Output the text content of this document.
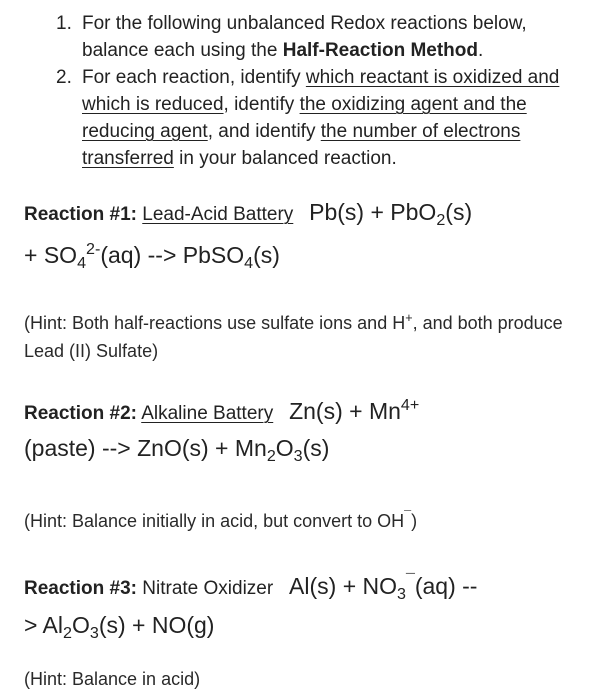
1. For the following unbalanced Redox reactions below, balance each using the Half-Reaction Method.
2. For each reaction, identify which reactant is oxidized and which is reduced, identify the oxidizing agent and the reducing agent, and identify the number of electrons transferred in your balanced reaction.
Reaction #1: Lead-Acid Battery Pb(s) + PbO$_2$(s)
+ $SO_4^{2-}(aq)$ --> PbSO$_4$(s)
(Hint: Both half-reactions use sulfate ions and H+, and both produce Lead (II) Sulfate)
Reaction #2: Alkaline Battery $Zn(s) + Mn^{4+}$
(paste) --> $ZnO(s) + Mn_2O_3(s)$
(Hint: Balance initially in acid, but convert to OH¯)
Reaction #3: Nitrate Oxidizer $Al(s) + NO_3^¯(aq)$ --
> $Al_2O_3(s) + NO(g)$
(Hint: Balance in acid)
